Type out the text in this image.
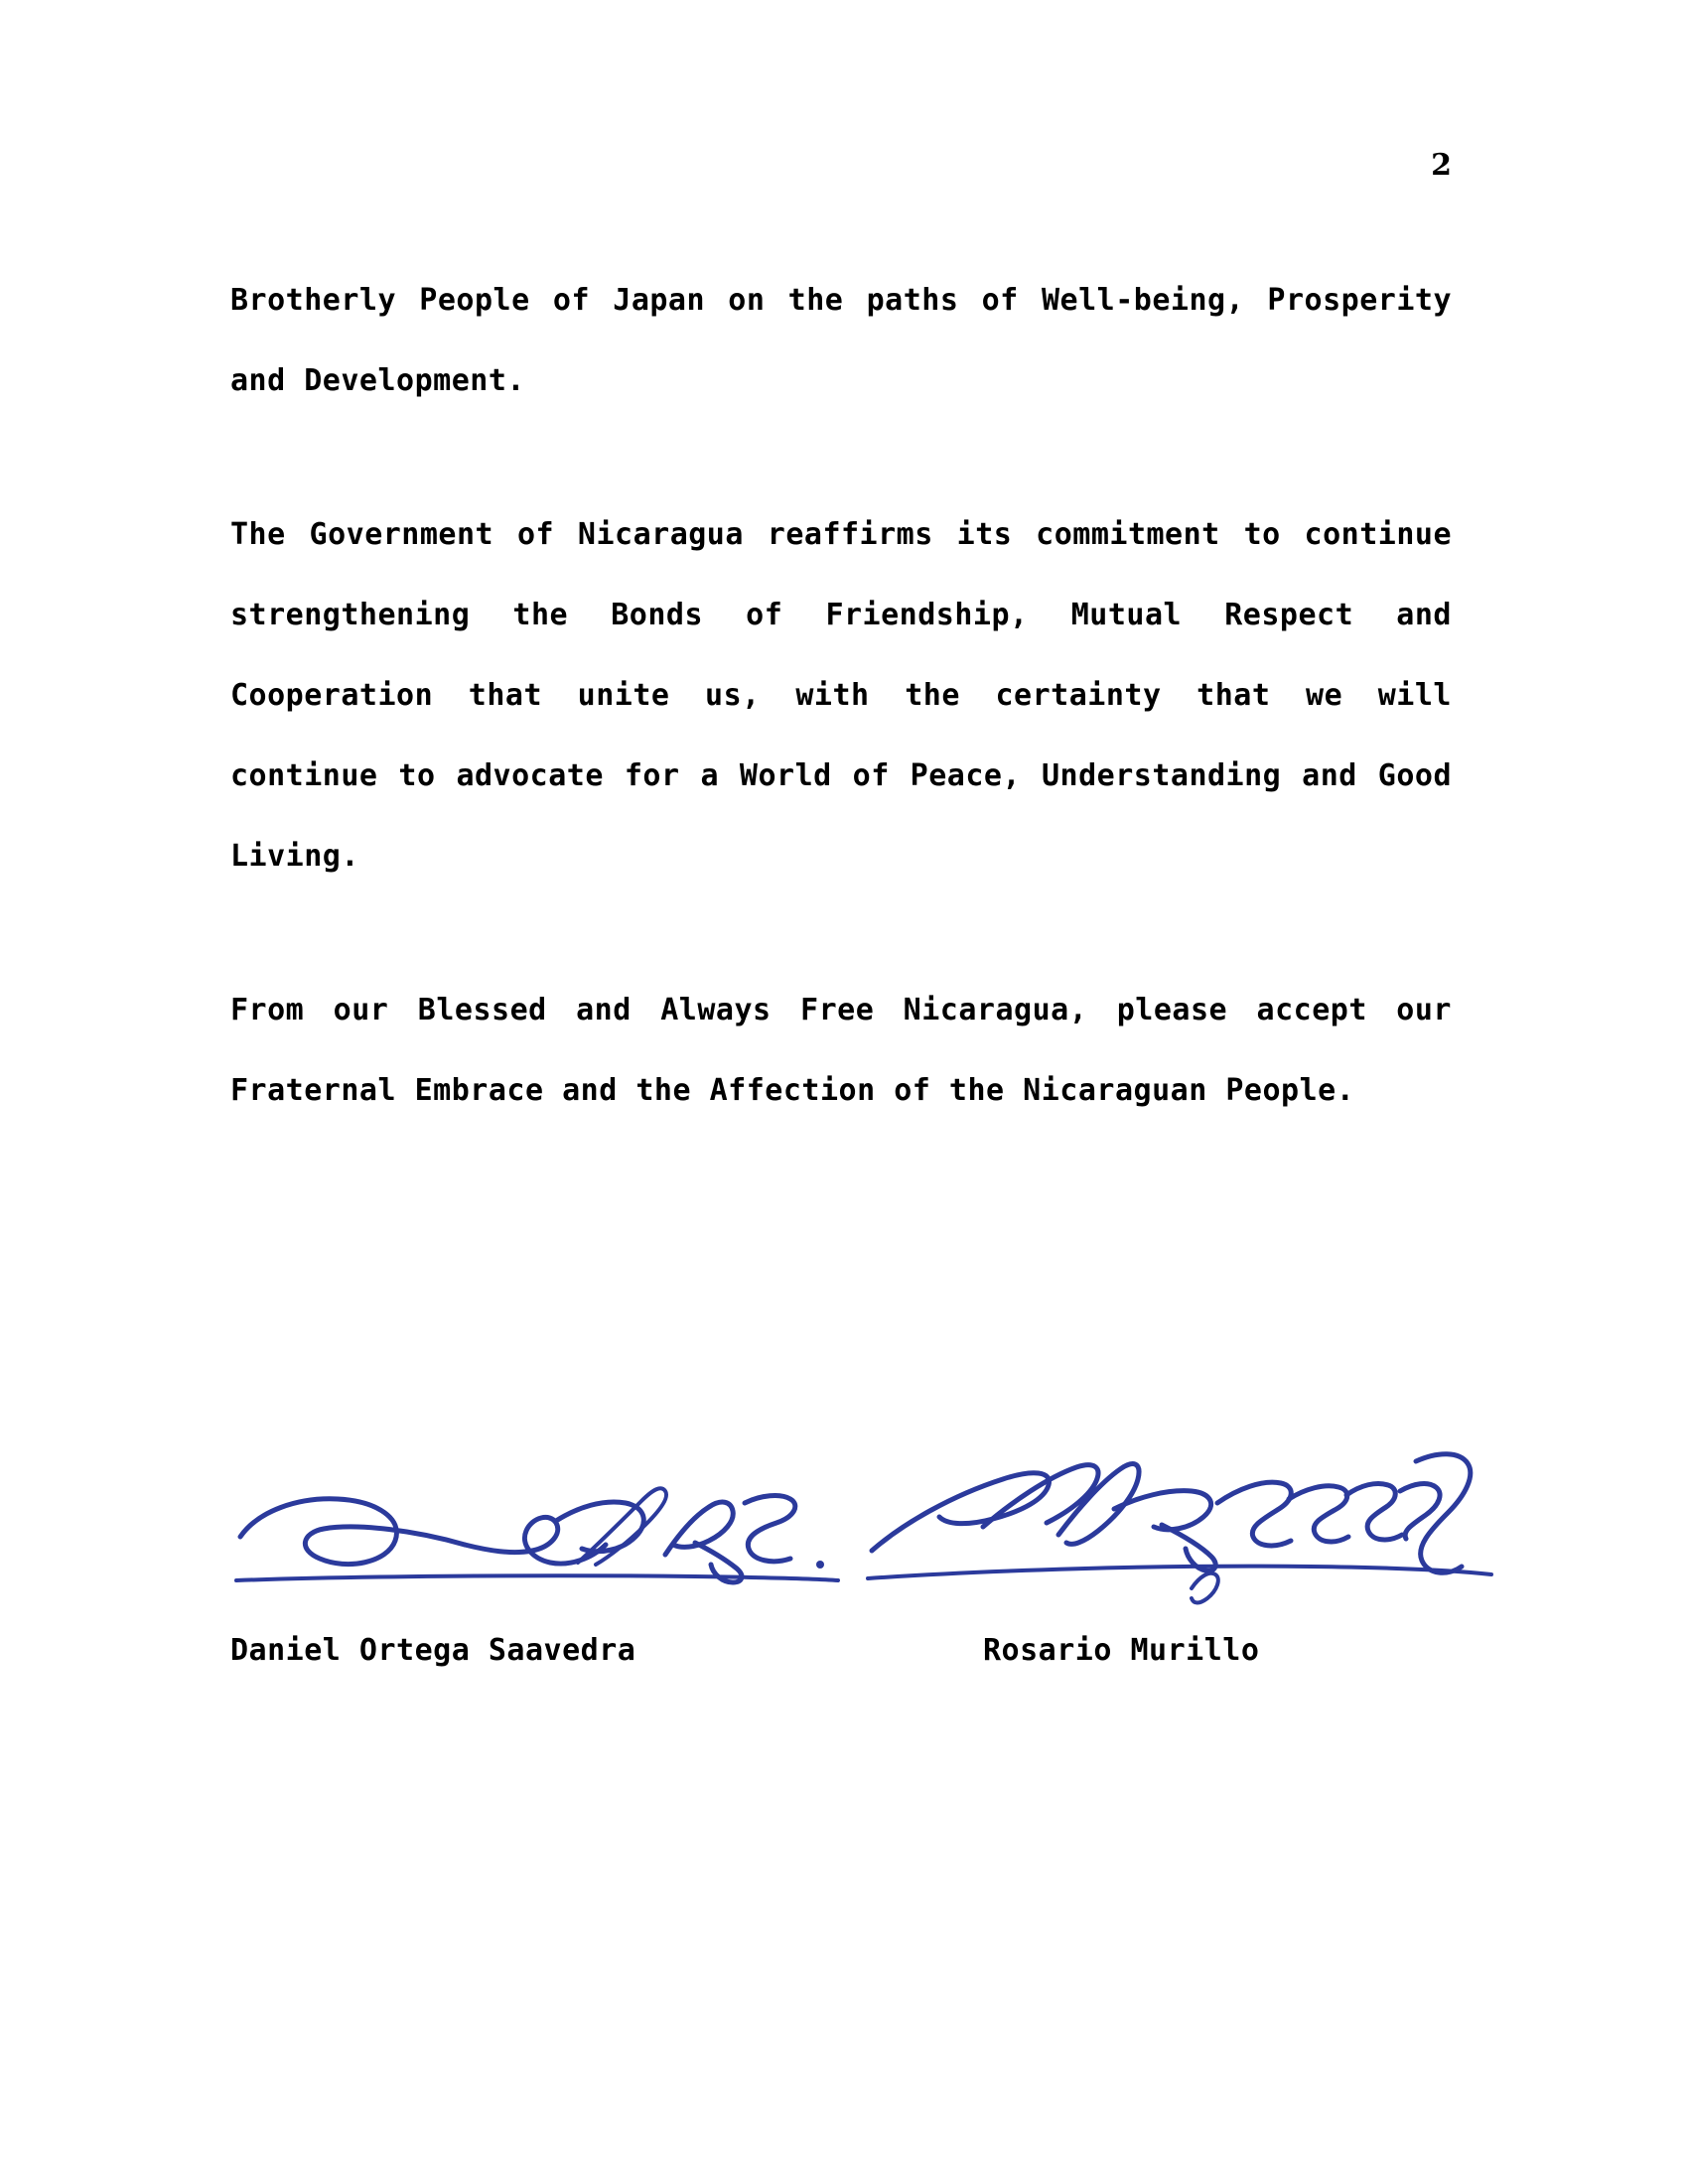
2

Brotherly People of Japan on the paths of Well-being, Prosperity and Development.

The Government of Nicaragua reaffirms its commitment to continue strengthening the Bonds of Friendship, Mutual Respect and Cooperation that unite us, with the certainty that we will continue to advocate for a World of Peace, Understanding and Good Living.

From our Blessed and Always Free Nicaragua, please accept our Fraternal Embrace and the Affection of the Nicaraguan People.

Daniel Ortega Saavedra	Rosario Murillo
